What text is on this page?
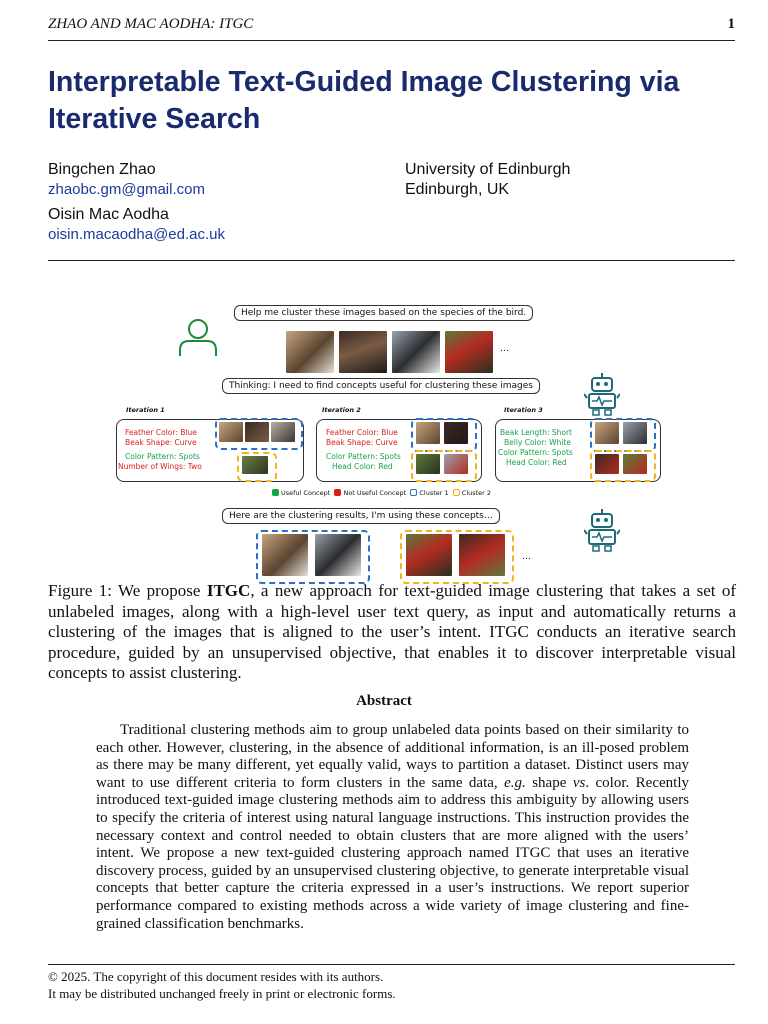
ZHAO AND MAC AODHA: ITGC	1
Interpretable Text-Guided Image Clustering via Iterative Search
Bingchen Zhao
zhaobc.gm@gmail.com
Oisin Mac Aodha
oisin.macaodha@ed.ac.uk
University of Edinburgh
Edinburgh, UK
Help me cluster these images based on the species of the bird.
…
Thinking: I need to find concepts useful for clustering these images
Iteration 1
Feather Color: Blue
Beak Shape: Curve
Color Pattern: Spots
Number of Wings: Two
Iteration 2
Feather Color: Blue
Beak Shape: Curve
Color Pattern: Spots
Head Color: Red
Iteration 3
Beak Length: Short
Belly Color: White
Color Pattern: Spots
Head Color: Red
Useful Concept Not Useful Concept Cluster 1 Cluster 2
Here are the clustering results, I'm using these concepts…
…

Figure 1: We propose ITGC, a new approach for text-guided image clustering that takes a set of unlabeled images, along with a high-level user text query, as input and automatically returns a clustering of the images that is aligned to the user’s intent. ITGC conducts an iterative search procedure, guided by an unsupervised objective, that enables it to discover interpretable visual concepts to assist clustering.

Abstract

Traditional clustering methods aim to group unlabeled data points based on their similarity to each other. However, clustering, in the absence of additional information, is an ill-posed problem as there may be many different, yet equally valid, ways to partition a dataset. Distinct users may want to use different criteria to form clusters in the same data, e.g. shape vs. color. Recently introduced text-guided image clustering methods aim to address this ambiguity by allowing users to specify the criteria of interest using natural language instructions. This instruction provides the necessary context and control needed to obtain clusters that are more aligned with the users’ intent. We propose a new text-guided clustering approach named ITGC that uses an iterative discovery process, guided by an unsupervised clustering objective, to generate interpretable visual concepts that better capture the criteria expressed in a user’s instructions. We report superior performance compared to existing methods across a wide variety of image clustering and fine-grained classification benchmarks.

© 2025. The copyright of this document resides with its authors.
It may be distributed unchanged freely in print or electronic forms.
